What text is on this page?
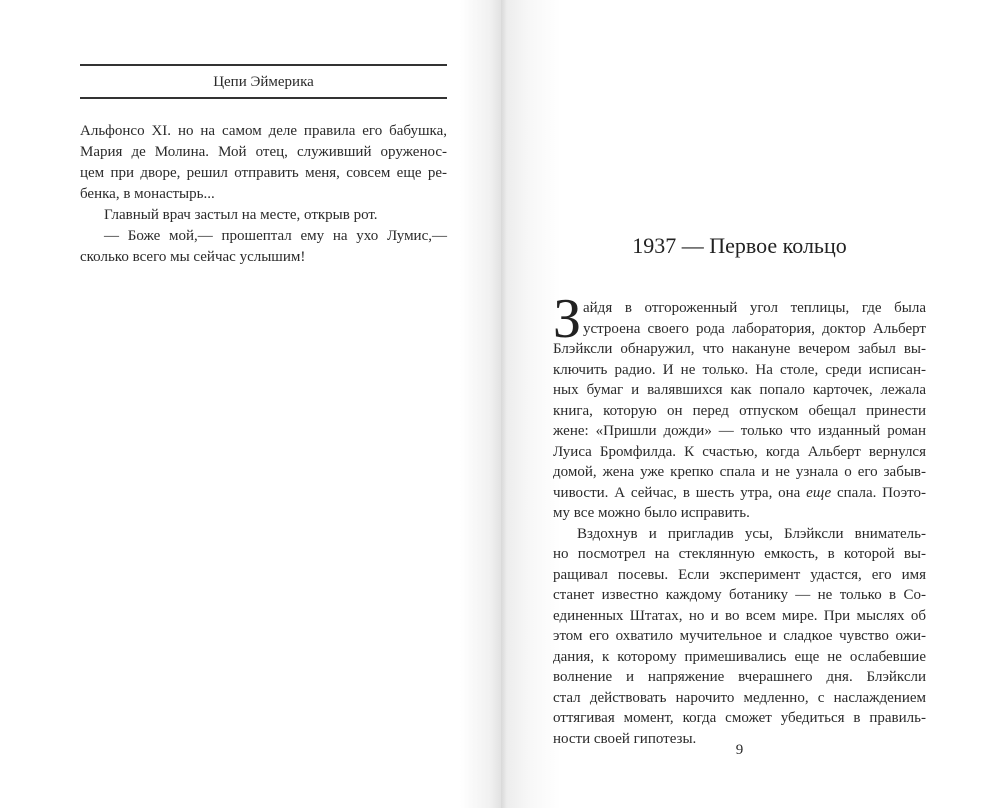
Цепи Эймерика
Альфонсо XI. но на самом деле правила его бабушка,
Мария де Молина. Мой отец, служивший оруженос-
цем при дворе, решил отправить меня, совсем еще ре-
бенка, в монастырь...
Главный врач застыл на месте, открыв рот.
— Боже мой,— прошептал ему на ухо Лумис,—
сколько всего мы сейчас услышим!	1937 — Первое кольцо
З айдя в отгороженный угол теплицы, где была
устроена своего рода лаборатория, доктор Альберт
Блэйксли обнаружил, что накануне вечером забыл вы-
ключить радио. И не только. На столе, среди исписан-
ных бумаг и валявшихся как попало карточек, лежала
книга, которую он перед отпуском обещал принести
жене: «Пришли дожди» — только что изданный роман
Луиса Бромфилда. К счастью, когда Альберт вернулся
домой, жена уже крепко спала и не узнала о его забыв-
чивости. А сейчас, в шесть утра, она еще спала. Поэто-
му все можно было исправить.
Вздохнув и пригладив усы, Блэйксли вниматель-
но посмотрел на стеклянную емкость, в которой вы-
ращивал посевы. Если эксперимент удастся, его имя
станет известно каждому ботанику — не только в Со-
единенных Штатах, но и во всем мире. При мыслях об
этом его охватило мучительное и сладкое чувство ожи-
дания, к которому примешивались еще не ослабевшие
волнение и напряжение вчерашнего дня. Блэйксли
стал действовать нарочито медленно, с наслаждением
оттягивая момент, когда сможет убедиться в правиль-
ности своей гипотезы.
9
